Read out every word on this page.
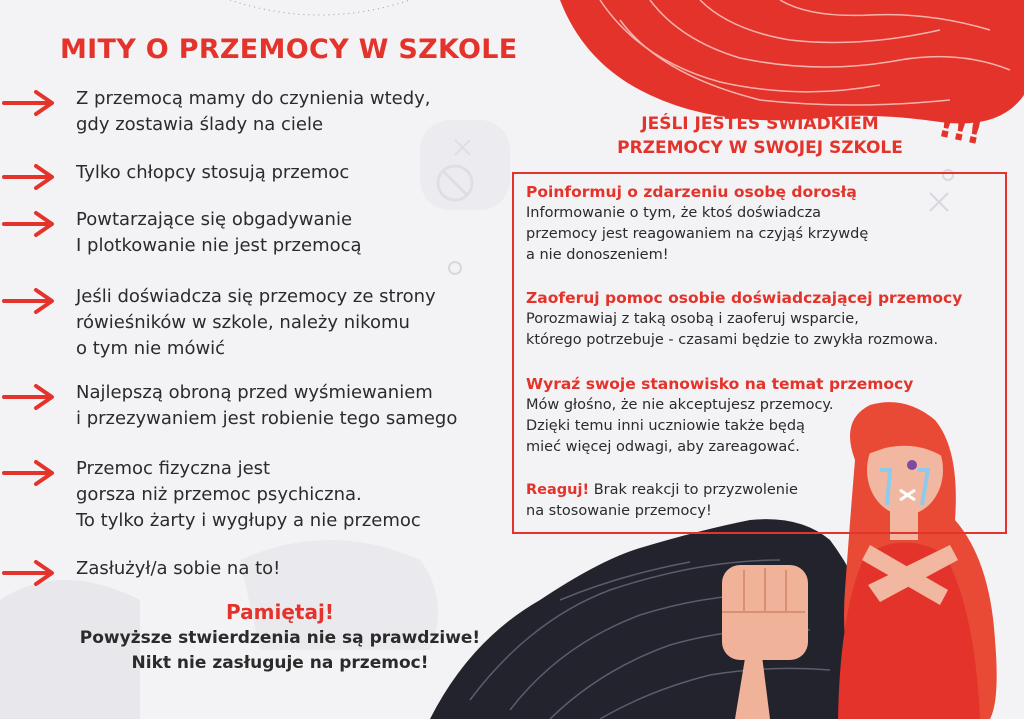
MITY O PRZEMOCY W SZKOLE
Z przemocą mamy do czynienia wtedy,
gdy zostawia ślady na ciele
Tylko chłopcy stosują przemoc
Powtarzające się obgadywanie
I plotkowanie nie jest przemocą
Jeśli doświadcza się przemocy ze strony
rówieśników w szkole, należy nikomu
o tym nie mówić
Najlepszą obroną przed wyśmiewaniem
i przezywaniem jest robienie tego samego
Przemoc fizyczna jest
gorsza niż przemoc psychiczna.
To tylko żarty i wygłupy a nie przemoc
Zasłużył/a sobie na to!
Pamiętaj!
Powyższe stwierdzenia nie są prawdziwe!
Nikt nie zasługuje na przemoc!
JEŚLI JESTEŚ ŚWIADKIEM
PRZEMOCY W SWOJEJ SZKOLE !!!
Poinformuj o zdarzeniu osobę dorosłą
Informowanie o tym, że ktoś doświadcza
przemocy jest reagowaniem na czyjąś krzywdę
a nie donoszeniem!
Zaoferuj pomoc osobie doświadczającej przemocy
Porozmawiaj z taką osobą i zaoferuj wsparcie,
którego potrzebuje - czasami będzie to zwykła rozmowa.
Wyraź swoje stanowisko na temat przemocy
Mów głośno, że nie akceptujesz przemocy.
Dzięki temu inni uczniowie także będą
mieć więcej odwagi, aby zareagować.
Reaguj! Brak reakcji to przyzwolenie
na stosowanie przemocy!
